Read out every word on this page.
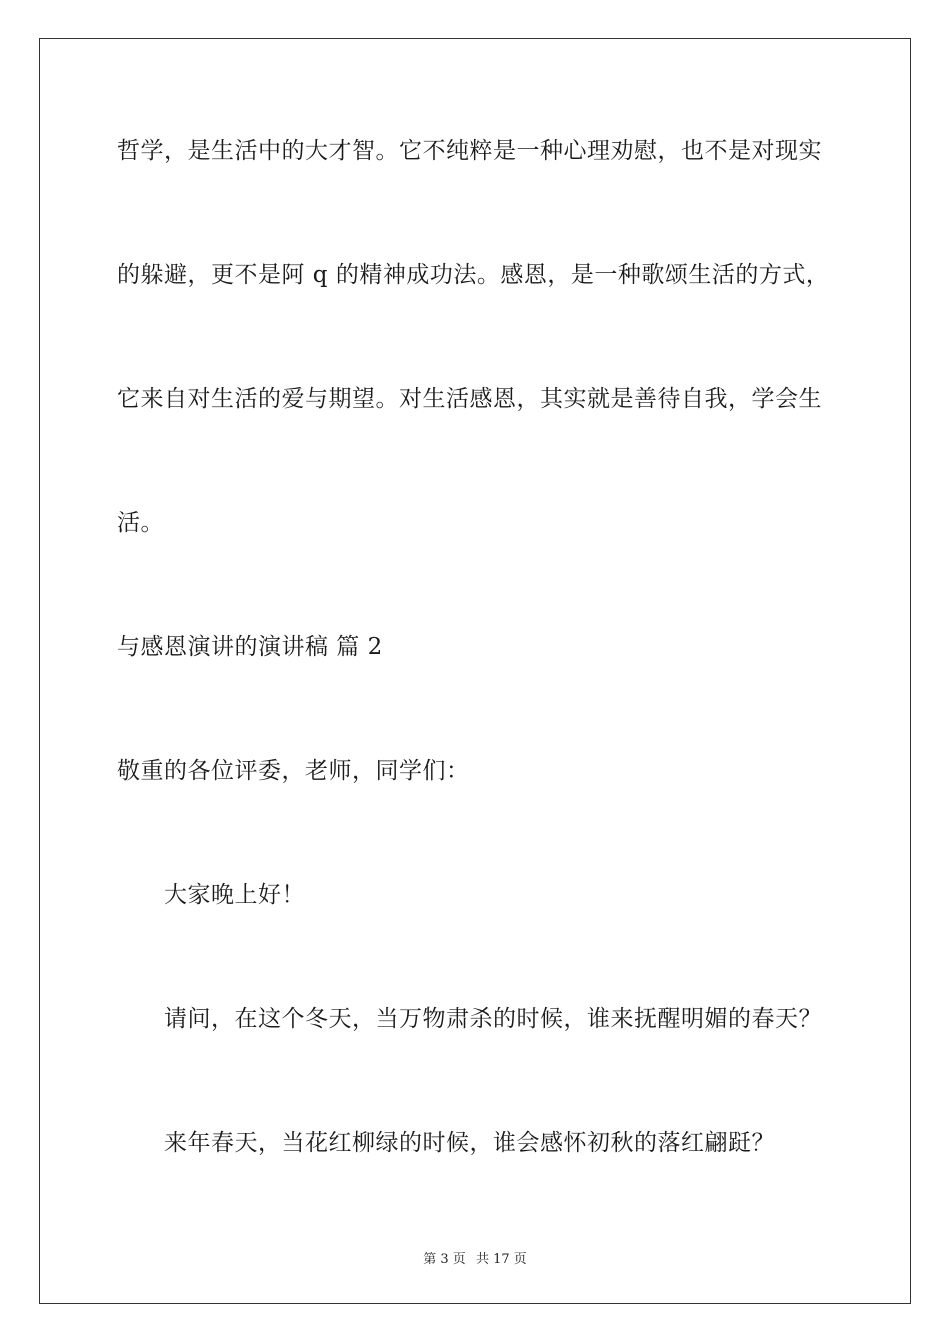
哲学，是生活中的大才智。它不纯粹是一种心理劝慰，也不是对现实
的躲避，更不是阿 q 的精神成功法。感恩，是一种歌颂生活的方式，
它来自对生活的爱与期望。对生活感恩，其实就是善待自我，学会生
活。
与感恩演讲的演讲稿 篇 2
敬重的各位评委，老师，同学们：
大家晚上好！
请问，在这个冬天，当万物肃杀的时候，谁来抚醒明媚的春天？
来年春天，当花红柳绿的时候，谁会感怀初秋的落红翩跹？
第 3 页 共 17 页
